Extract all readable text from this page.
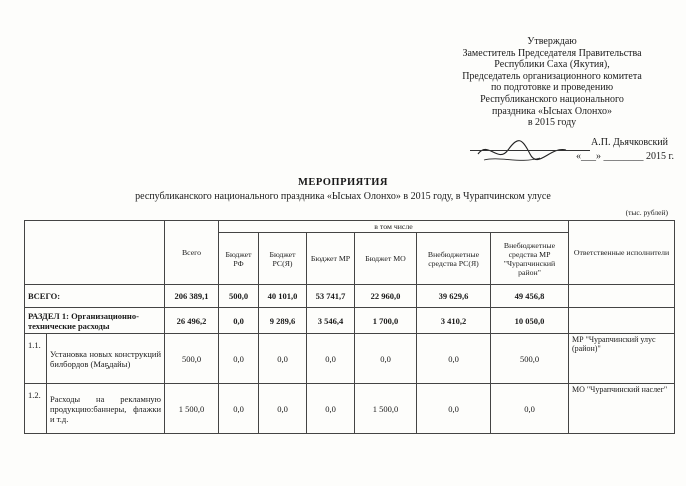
Утверждаю
Заместитель Председателя Правительства
Республики Саха (Якутия),
Председатель организационного комитета
по подготовке и проведению
Республиканского национального
праздника «Ысыах Олонхо»
в 2015 году
А.П. Дьячковский
«___» ________ 2015 г.
МЕРОПРИЯТИЯ
республиканского национального праздника «Ысыах Олонхо» в 2015 году, в Чурапчинском улусе
(тыс. рублей)
		Всего	в том числе						Ответственные исполнители
			Бюджет РФ	Бюджет РС(Я)	Бюджет МР	Бюджет МО	Внебюджетные средства РС(Я)	Внебюджетные средства МР "Чурапчинский район"	
ВСЕГО:		206 389,1	500,0	40 101,0	53 741,7	22 960,0	39 629,6	49 456,8	
РАЗДЕЛ 1: Организационно-технические расходы		26 496,2	0,0	9 289,6	3 546,4	1 700,0	3 410,2	10 050,0	
1.1.	Установка новых конструкций билбордов (Мaҕдайы)	500,0	0,0	0,0	0,0	0,0	0,0	500,0	МР "Чурапчинский улус (район)"
1.2.	Расходы на рекламную продукцию:баннеры, флажки и т.д.	1 500,0	0,0	0,0	0,0	1 500,0	0,0	0,0	МО "Чурапчинский наслег"
